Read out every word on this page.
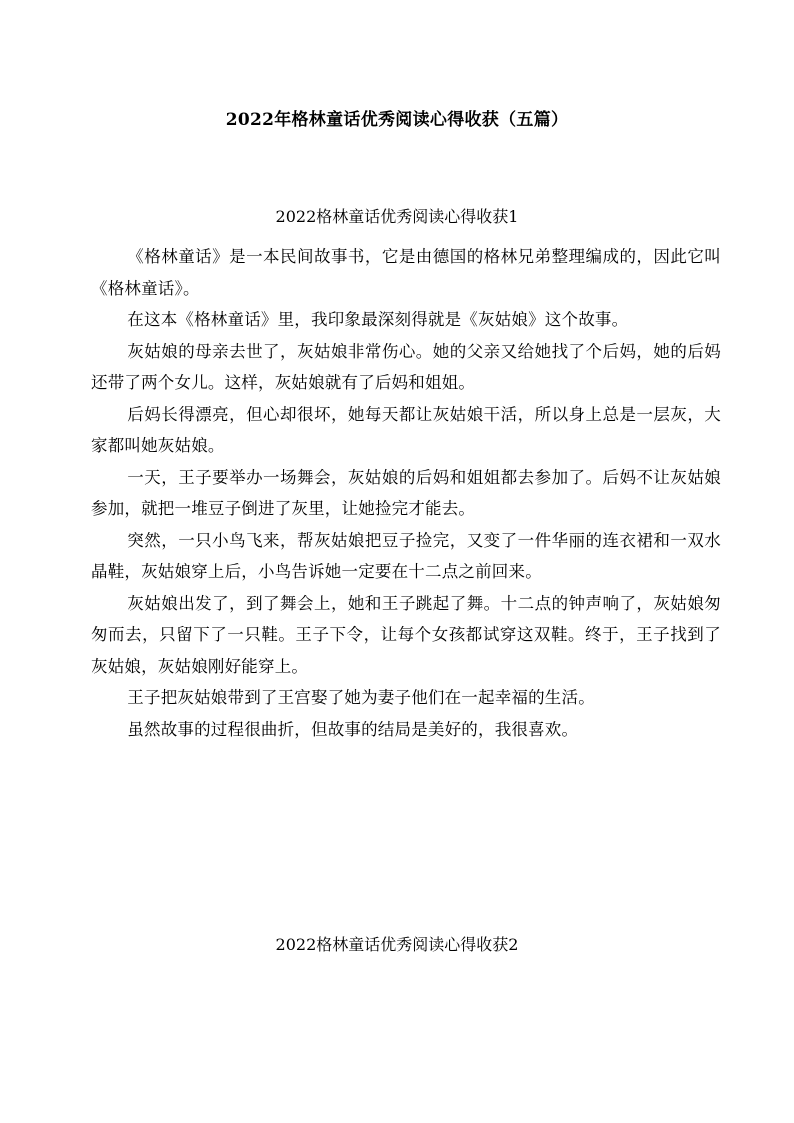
2022年格林童话优秀阅读心得收获（五篇）
2022格林童话优秀阅读心得收获1

《格林童话》是一本民间故事书，它是由德国的格林兄弟整理编成的，因此它叫《格林童话》。

在这本《格林童话》里，我印象最深刻得就是《灰姑娘》这个故事。

灰姑娘的母亲去世了，灰姑娘非常伤心。她的父亲又给她找了个后妈，她的后妈还带了两个女儿。这样，灰姑娘就有了后妈和姐姐。

后妈长得漂亮，但心却很坏，她每天都让灰姑娘干活，所以身上总是一层灰，大家都叫她灰姑娘。

一天，王子要举办一场舞会，灰姑娘的后妈和姐姐都去参加了。后妈不让灰姑娘参加，就把一堆豆子倒进了灰里，让她捡完才能去。

突然，一只小鸟飞来，帮灰姑娘把豆子捡完，又变了一件华丽的连衣裙和一双水晶鞋，灰姑娘穿上后，小鸟告诉她一定要在十二点之前回来。

灰姑娘出发了，到了舞会上，她和王子跳起了舞。十二点的钟声响了，灰姑娘匆匆而去，只留下了一只鞋。王子下令，让每个女孩都试穿这双鞋。终于，王子找到了灰姑娘，灰姑娘刚好能穿上。

王子把灰姑娘带到了王宫娶了她为妻子他们在一起幸福的生活。

虽然故事的过程很曲折，但故事的结局是美好的，我很喜欢。

2022格林童话优秀阅读心得收获2
